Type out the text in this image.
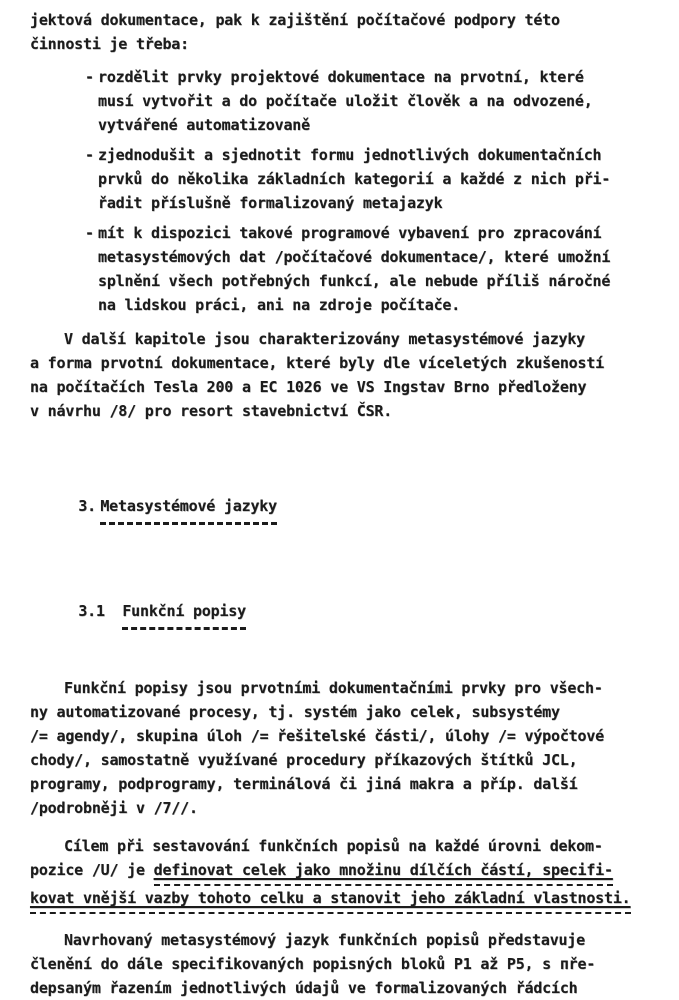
jektová dokumentace, pak k zajištění počítačové podpory této
činnosti je třeba:
- rozdělit prvky projektové dokumentace na prvotní, které
musí vytvořit a do počítače uložit člověk a na odvozené,
vytvářené automatizovaně
- zjednodušit a sjednotit formu jednotlivých dokumentačních
prvků do několika základních kategorií a každé z nich při-
řadit příslušně formalizovaný metajazyk
- mít k dispozici takové programové vybavení pro zpracování
metasystémových dat /počítačové dokumentace/, které umožní
splnění všech potřebných funkcí, ale nebude příliš náročné
na lidskou práci, ani na zdroje počítače.
V další kapitole jsou charakterizovány metasystémové jazyky
a forma prvotní dokumentace, které byly dle víceletých zkušeností
na počítačích Tesla 200 a EC 1026 ve VS Ingstav Brno předloženy
v návrhu /8/ pro resort stavebnictví ČSR.

3. Metasystémové jazyky

3.1 Funkční popisy

Funkční popisy jsou prvotními dokumentačními prvky pro všech-
ny automatizované procesy, tj. systém jako celek, subsystémy
/= agendy/, skupina úloh /= řešitelské části/, úlohy /= výpočtové
chody/, samostatně využívané procedury příkazových štítků JCL,
programy, podprogramy, terminálová či jiná makra a příp. další
/podrobněji v /7//.
Cílem při sestavování funkčních popisů na každé úrovni dekom-
pozice /U/ je definovat celek jako množinu dílčích částí, specifi-
kovat vnější vazby tohoto celku a stanovit jeho základní vlastnosti.
Navrhovaný metasystémový jazyk funkčních popisů představuje
členění do dále specifikovaných popisných bloků P1 až P5, s пře-
depsaným řazením jednotlivých údajů ve formalizovaných řádcích
